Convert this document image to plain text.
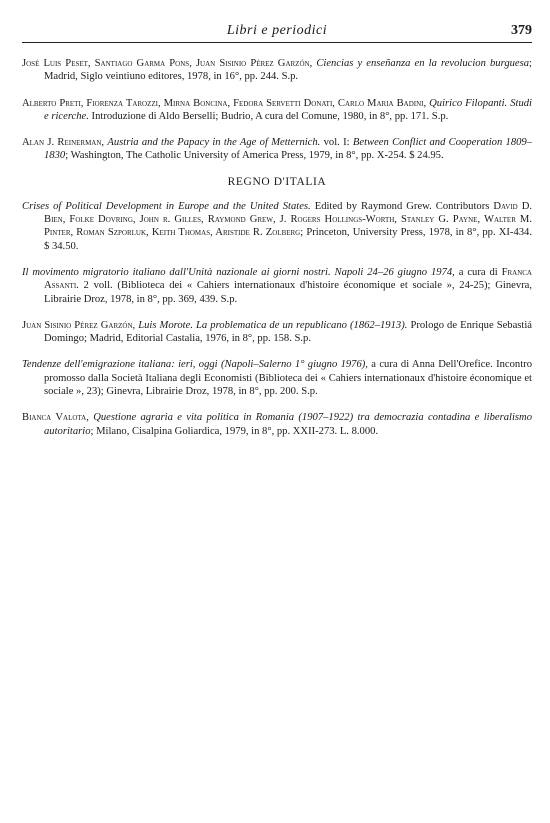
Libri e periodici	379

José Luis Peset, Santiago Garma Pons, Juan Sisinio Pérez Garzón, Ciencias y enseñanza en la revolucion burguesa; Madrid, Siglo veintiuno editores, 1978, in 16°, pp. 244. S.p.

Alberto Preti, Fiorenza Tarozzi, Mirna Boncina, Fedora Servetti Donati, Carlo Maria Badini, Quirico Filopanti. Studi e ricerche. Introduzione di Aldo Berselli; Budrio, A cura del Comune, 1980, in 8°, pp. 171. S.p.

Alan J. Reinerman, Austria and the Papacy in the Age of Metternich. vol. I: Between Conflict and Cooperation 1809–1830; Washington, The Catholic University of America Press, 1979, in 8°, pp. X-254. $ 24.95.

REGNO D'ITALIA

Crises of Political Development in Europe and the United States. Edited by Raymond Grew. Contributors David D. Bien, Folke Dovring, John r. Gilles, Raymond Grew, J. Rogers Hollings-Worth, Stanley G. Payne, Walter M. Pinter, Roman Szporluk, Keith Thomas, Aristide R. Zolberg; Princeton, University Press, 1978, in 8°, pp. XI-434. $ 34.50.

Il movimento migratorio italiano dall'Unità nazionale ai giorni nostri. Napoli 24–26 giugno 1974, a cura di Franca Assanti. 2 voll. (Biblioteca dei « Cahiers internationaux d'histoire économique et sociale », 24-25); Ginevra, Librairie Droz, 1978, in 8°, pp. 369, 439. S.p.

Juan Sisinio Pérez Garzón, Luis Morote. La problematica de un republicano (1862–1913). Prologo de Enrique Sebastiá Domingo; Madrid, Editorial Castalia, 1976, in 8°, pp. 158. S.p.

Tendenze dell'emigrazione italiana: ieri, oggi (Napoli–Salerno 1° giugno 1976), a cura di Anna Dell'Orefice. Incontro promosso dalla Società Italiana degli Economisti (Biblioteca dei « Cahiers internationaux d'histoire économique et sociale », 23); Ginevra, Librairie Droz, 1978, in 8°, pp. 200. S.p.

Bianca Valota, Questione agraria e vita politica in Romania (1907–1922) tra democrazia contadina e liberalismo autoritario; Milano, Cisalpina Goliardica, 1979, in 8°, pp. XXII-273. L. 8.000.
